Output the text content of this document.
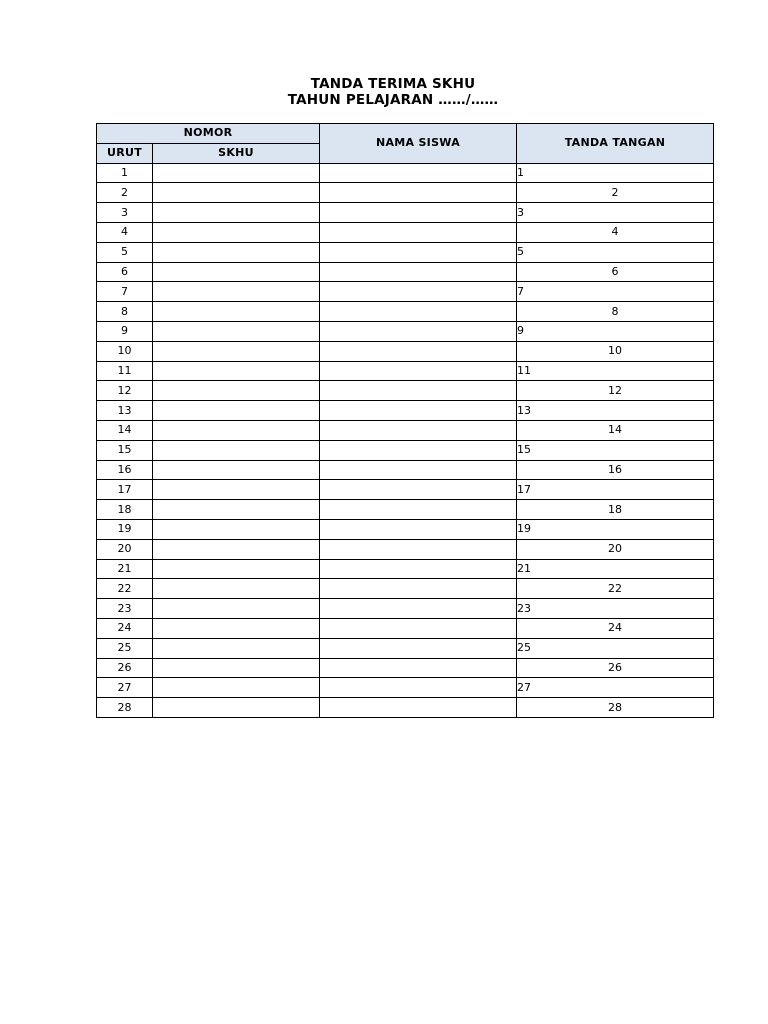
TANDA TERIMA SKHU
TAHUN PELAJARAN ……/……
NOMOR		NAMA SISWA	TANDA TANGAN
URUT	SKHU		
1			1
2			2
3			3
4			4
5			5
6			6
7			7
8			8
9			9
10			10
11			11
12			12
13			13
14			14
15			15
16			16
17			17
18			18
19			19
20			20
21			21
22			22
23			23
24			24
25			25
26			26
27			27
28			28
